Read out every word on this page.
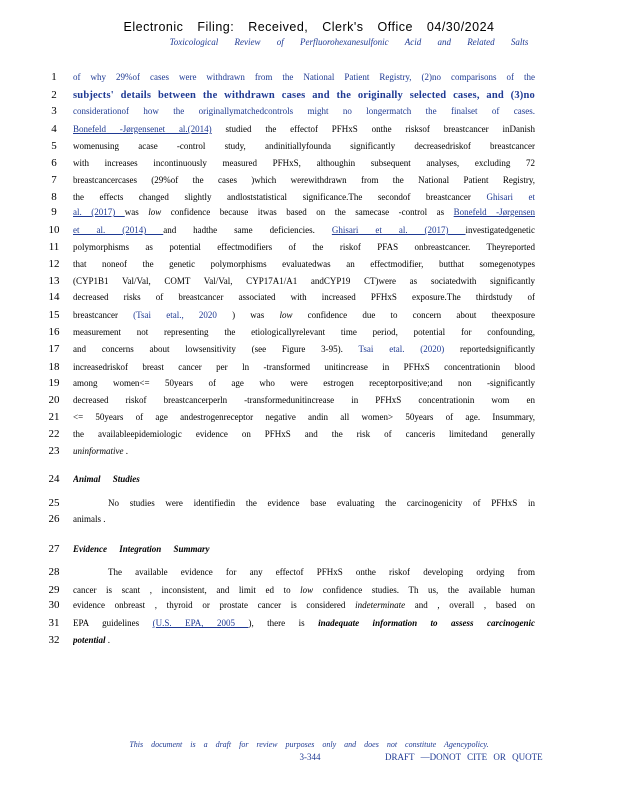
Electronic Filing: Received, Clerk's Office 04/30/2024
Toxicological Review of Perfluorohexanesulfonic Acid and Related Salts
1	of why 29%of cases were withdrawn from the National Patient Registry, (2)no comparisons of the
2	subjects' details between the withdrawn cases and the originally selected cases, and (3)no
3	considerationof how the originallymatchedcontrols might no longermatch the finalset of cases.
4	Bonefeld -Jørgensenet al.(2014) studied the effectof PFHxS onthe risksof breastcancer inDanish
5	womenusing acase -control study, andinitiallyfounda significantly decreasedriskof breastcancer
6	with increases incontinuously measured PFHxS, althoughin subsequent analyses, excluding 72
7	breastcancercases (29%of the cases )which werewithdrawn from the National Patient Registry,
8	the effects changed slightly andloststatistical significance.The secondof breastcancer Ghisari et
9	al. (2017) was low confidence because itwas based on the samecase -control as Bonefeld -Jørgensen
10	et al. (2014) and hadthe same deficiencies. Ghisari et al. (2017) investigatedgenetic
11	polymorphisms as potential effectmodifiers of the riskof PFAS onbreastcancer. Theyreported
12	that noneof the genetic polymorphisms evaluatedwas an effectmodifier, butthat somegenotypes
13	(CYP1B1 Val/Val, COMT Val/Val, CYP17A1/A1 andCYP19 CT)were as sociatedwith significantly
14	decreased risks of breastcancer associated with increased PFHxS exposure.The thirdstudy of
15	breastcancer (Tsai etal., 2020 ) was low confidence due to concern about theexposure
16	measurement not representing the etiologicallyrelevant time period, potential for confounding,
17	and concerns about lowsensitivity (see Figure 3-95). Tsai etal. (2020) reportedsignificantly
18	increasedriskof breast cancer per ln -transformed unitincrease in PFHxS concentrationin blood
19	among women<= 50years of age who were estrogen receptorpositive;and non -significantly
20	decreased riskof breastcancerperln -transformedunitincrease in PFHxS concentrationin wom en
21	<= 50years of age andestrogenreceptor negative andin all women> 50years of age. Insummary,
22	the availableepidemiologic evidence on PFHxS and the risk of canceris limitedand generally
23	uninformative .
24	Animal Studies
25	No studies were identifiedin the evidence base evaluating the carcinogenicity of PFHxS in
26	animals .
27	Evidence Integration Summary
28	The available evidence for any effectof PFHxS onthe riskof developing ordying from
29	cancer is scant , inconsistent, and limit ed to low confidence studies. Th us, the available human
30	evidence onbreast , thyroid or prostate cancer is considered indeterminate and , overall , based on
31	EPA guidelines (U.S. EPA, 2005 ), there is inadequate information to assess carcinogenic
32	potential .
This document is a draft for review purposes only and does not constitute Agencypolicy.
3-344	DRAFT —DONOT CITE OR QUOTE
